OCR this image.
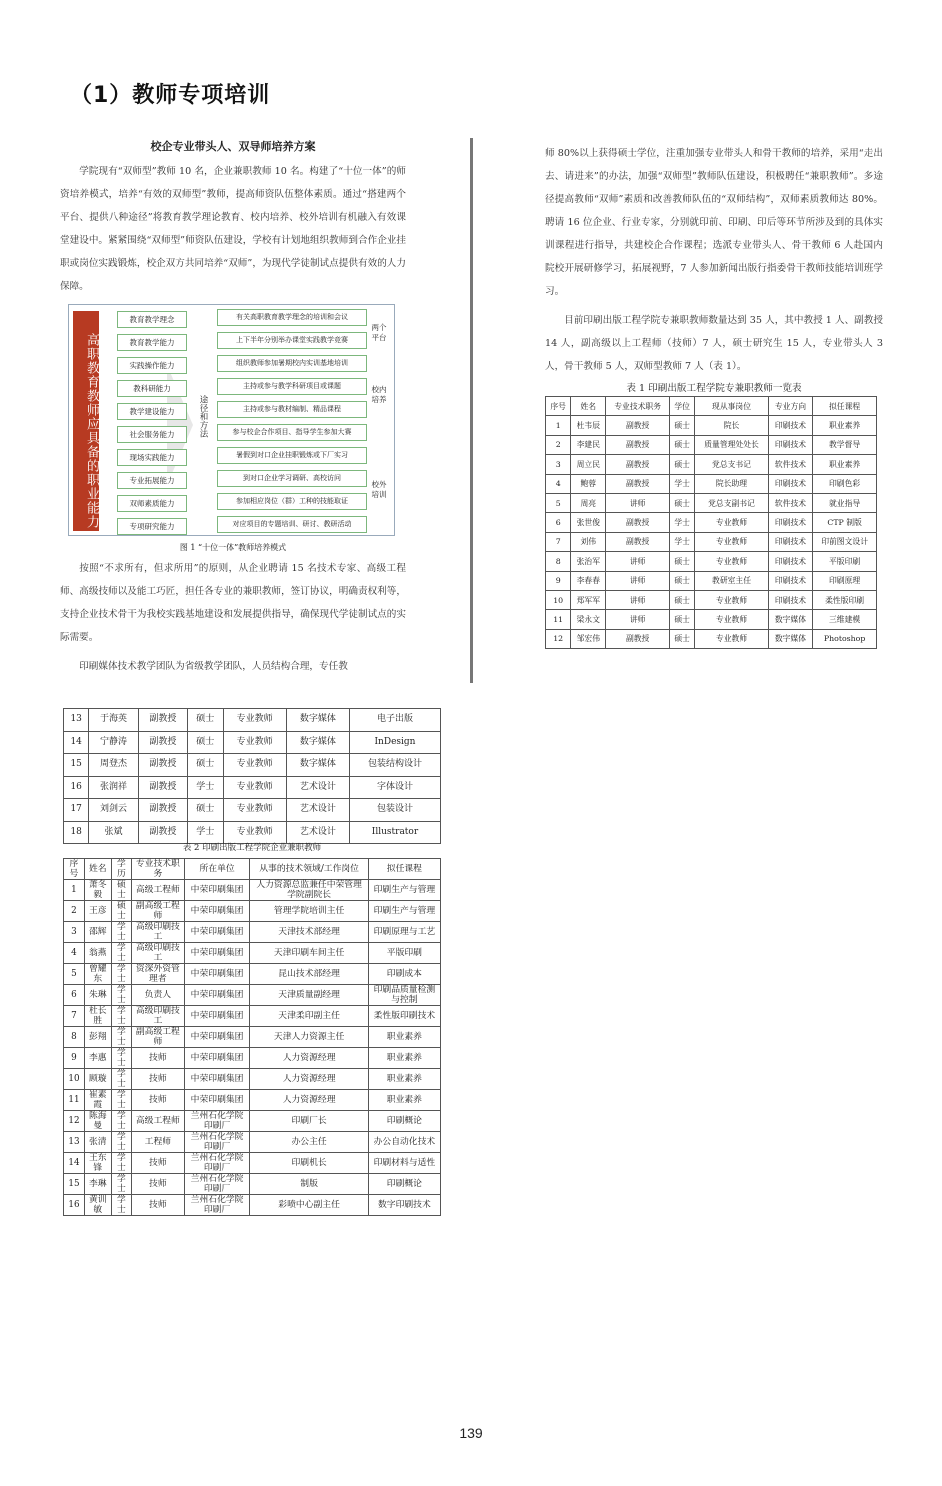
（1）教师专项培训
校企专业带头人、双导师培养方案

学院现有“双师型”教师 10 名，企业兼职教师 10 名。构建了“十位一体”的师资培养模式，培养“有效的双师型”教师，提高师资队伍整体素质。通过“搭建两个平台、提供八种途径”将教育教学理论教育、校内培养、校外培训有机融入有效课堂建设中。紧紧围绕“双师型”师资队伍建设，学校有计划地组织教师到合作企业挂职或岗位实践锻炼，校企双方共同培养“双师”，为现代学徒制试点提供有效的人力保障。

高职教育教师应具备的职业能力
教育教学理念
教育教学能力
实践操作能力
教科研能力
教学建设能力
社会服务能力
现场实践能力
专业拓展能力
双师素质能力
专项研究能力
途径和方法
有关高职教育教学理念的培训和会议
上下半年分别举办课堂实践教学竞赛
组织教师参加暑期校内实训基地培训
主持或参与教学科研项目或课题
主持或参与教材编制、精品课程
参与校企合作项目、指导学生参加大赛
暑假到对口企业挂职锻炼或下厂实习
到对口企业学习调研、高校访问
参加相应岗位（群）工种的技能取证
对应项目的专题培训、研讨、教研活动
两个平台
校内培养
校外培训
图 1 “十位一体”教师培养模式

按照“不求所有，但求所用”的原则，从企业聘请 15 名技术专家、高级工程师、高级技师以及能工巧匠，担任各专业的兼职教师，签订协议，明确责权利等，支持企业技术骨干为我校实践基地建设和发展提供指导，确保现代学徒制试点的实际需要。

印刷媒体技术教学团队为省级教学团队，人员结构合理，专任教

师 80%以上获得硕士学位，注重加强专业带头人和骨干教师的培养，采用“走出去、请进来”的办法，加强“双师型”教师队伍建设，积极聘任“兼职教师”。多途径提高教师“双师”素质和改善教师队伍的“双师结构”，双师素质教师达 80%。聘请 16 位企业、行业专家，分别就印前、印刷、印后等环节所涉及到的具体实训课程进行指导，共建校企合作课程；选派专业带头人、骨干教师 6 人赴国内院校开展研修学习，拓展视野，7 人参加新闻出版行指委骨干教师技能培训班学习。

目前印刷出版工程学院专兼职教师数量达到 35 人，其中教授 1 人、副教授 14 人，副高级以上工程师（技师）7 人，硕士研究生 15 人，专业带头人 3 人，骨干教师 5 人，双师型教师 7 人（表 1）。

表 1 印刷出版工程学院专兼职教师一览表
序号	姓名	专业技术职务	学位	现从事岗位	专业方向	拟任课程
1	杜韦辰	副教授	硕士	院长	印刷技术	职业素养
2	李建民	副教授	硕士	质量管理处处长	印刷技术	教学督导
3	周立民	副教授	硕士	党总支书记	软件技术	职业素养
4	鲍蓉	副教授	学士	院长助理	印刷技术	印刷色彩
5	周亮	讲师	硕士	党总支副书记	软件技术	就业指导
6	张世俊	副教授	学士	专业教师	印刷技术	CTP 制版
7	刘伟	副教授	学士	专业教师	印刷技术	印前图文设计
8	张治军	讲师	硕士	专业教师	印刷技术	平版印刷
9	李春春	讲师	硕士	教研室主任	印刷技术	印刷原理
10	郑军军	讲师	硕士	专业教师	印刷技术	柔性版印刷
11	梁永文	讲师	硕士	专业教师	数字媒体	三维建模
12	邹宏伟	副教授	硕士	专业教师	数字媒体	Photoshop
13	于海英	副教授	硕士	专业教师	数字媒体	电子出版
14	宁静涛	副教授	硕士	专业教师	数字媒体	InDesign
15	周登杰	副教授	硕士	专业教师	数字媒体	包装结构设计
16	张润祥	副教授	学士	专业教师	艺术设计	字体设计
17	刘剑云	副教授	硕士	专业教师	艺术设计	包装设计
18	张斌	副教授	学士	专业教师	艺术设计	Illustrator
表 2 印刷出版工程学院企业兼职教师
序号	姓名	学历	专业技术职务	所在单位	从事的技术领域/工作岗位	拟任课程
1	萧冬毅	硕士	高级工程师	中荣印刷集团	人力资源总监兼任中荣管理学院副院长	印刷生产与管理
2	王彦	硕士	副高级工程师	中荣印刷集团	管理学院培训主任	印刷生产与管理
3	邵辉	学士	高级印刷技工	中荣印刷集团	天津技术部经理	印刷原理与工艺
4	翁燕	学士	高级印刷技工	中荣印刷集团	天津印刷车间主任	平版印刷
5	曾耀东	学士	资深外资管理者	中荣印刷集团	昆山技术部经理	印刷成本
6	朱琳	学士	负责人	中荣印刷集团	天津质量副经理	印刷品质量检测与控制
7	杜长胜	学士	高级印刷技工	中荣印刷集团	天津柔印副主任	柔性版印刷技术
8	彭翔	学士	副高级工程师	中荣印刷集团	天津人力资源主任	职业素养
9	李惠	学士	技师	中荣印刷集团	人力资源经理	职业素养
10	顾璇	学士	技师	中荣印刷集团	人力资源经理	职业素养
11	崔素霞	学士	技师	中荣印刷集团	人力资源经理	职业素养
12	陈海曼	学士	高级工程师	兰州石化学院印刷厂	印刷厂长	印刷概论
13	张清	学士	工程师	兰州石化学院印刷厂	办公主任	办公自动化技术
14	王东锋	学士	技师	兰州石化学院印刷厂	印刷机长	印刷材料与适性
15	李琳	学士	技师	兰州石化学院印刷厂	制版	印刷概论
16	黄训敏	学士	技师	兰州石化学院印刷厂	彩喷中心副主任	数字印刷技术
139
